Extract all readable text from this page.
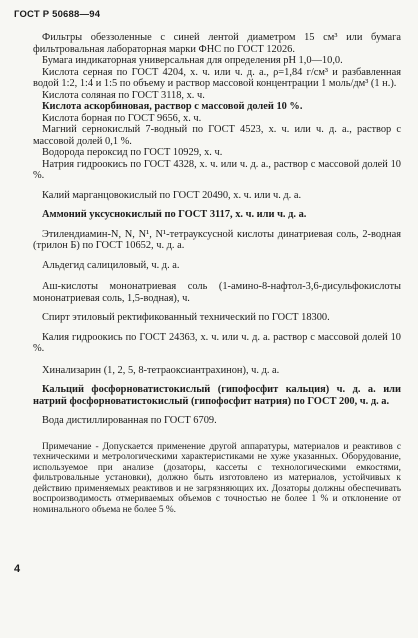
ГОСТ Р 50688—94

Фильтры обеззоленные с синей лентой диаметром 15 см³ или бумага фильтровальная лабораторная марки ФНС по ГОСТ 12026.

Бумага индикаторная универсальная для определения рН 1,0—10,0.

Кислота серная по ГОСТ 4204, х. ч. или ч. д. а., ρ=1,84 г/см³ и разбавленная водой 1:2, 1:4 и 1:5 по объему и раствор массовой концентрации 1 моль/дм³ (1 н.).

Кислота соляная по ГОСТ 3118, х. ч.

Кислота аскорбиновая, раствор с массовой долей 10 %.

Кислота борная по ГОСТ 9656, х. ч.

Магний сернокислый 7-водный по ГОСТ 4523, х. ч. или ч. д. а., раствор с массовой долей 0,1 %.

Водорода пероксид по ГОСТ 10929, х. ч.

Натрия гидроокись по ГОСТ 4328, х. ч. или ч. д. а., раствор с массовой долей 10 %.

Калий марганцовокислый по ГОСТ 20490, х. ч. или ч. д. а.

Аммоний уксуснокислый по ГОСТ 3117, х. ч. или ч. д. а.

Этилендиамин-N, N, N¹, N¹-тетрауксусной кислоты динатриевая соль, 2-водная (трилон Б) по ГОСТ 10652, ч. д. а.

Альдегид салициловый, ч. д. а.

Аш-кислоты мононатриевая соль (1-амино-8-нафтол-3,6-дисульфокислоты мононатриевая соль, 1,5-водная), ч.

Спирт этиловый ректификованный технический по ГОСТ 18300.

Калия гидроокись по ГОСТ 24363, х. ч. или ч. д. а. раствор с массовой долей 10 %.

Хинализарин (1, 2, 5, 8-тетраоксиантрахинон), ч. д. а.

Кальций фосфорноватистокислый (гипофосфит кальция) ч. д. а. или натрий фосфорноватистокислый (гипофосфит натрия) по ГОСТ 200, ч. д. а.

Вода дистиллированная по ГОСТ 6709.

Примечание - Допускается применение другой аппаратуры, материалов и реактивов с техническими и метрологическими характеристиками не хуже указанных. Оборудование, используемое при анализе (дозаторы, кассеты с технологическими емкостями, фильтровальные установки), должно быть изготовлено из материалов, устойчивых к действию применяемых реактивов и не загрязняющих их. Дозаторы должны обеспечивать воспроизводимость отмериваемых объемов с точностью не более 1 % и отклонение от номинального объема не более 5 %.

4
